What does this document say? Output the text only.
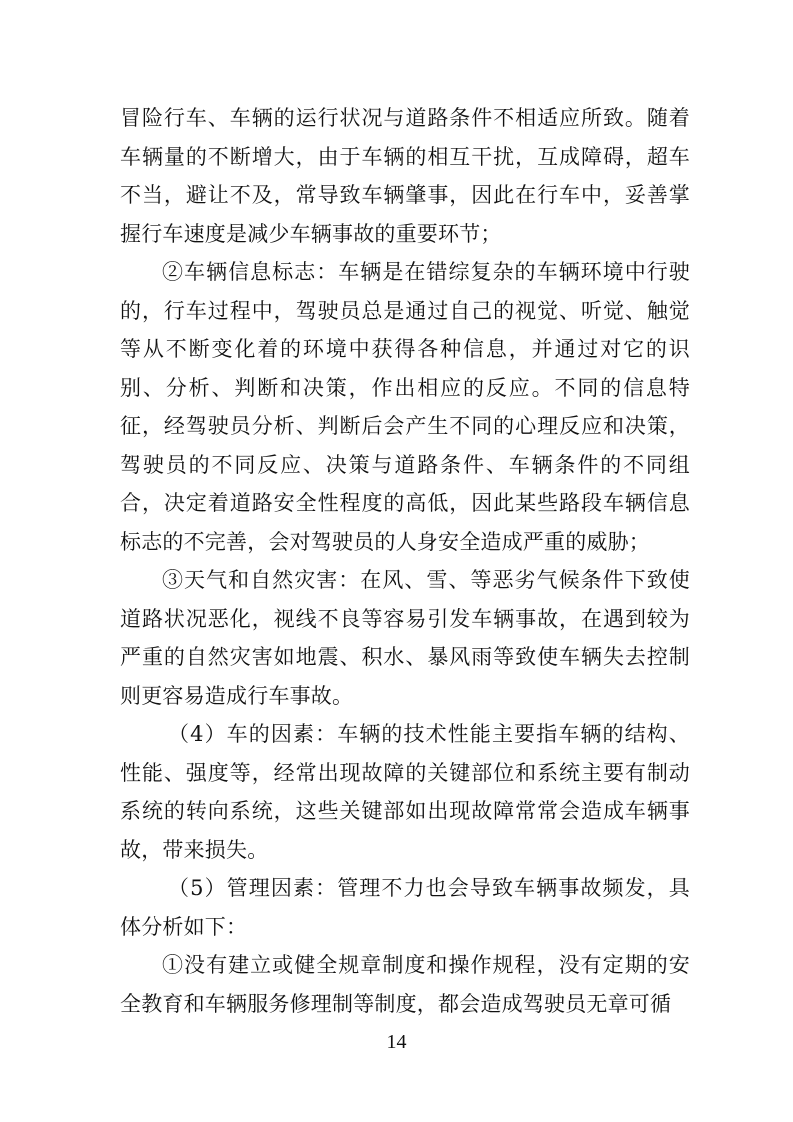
冒险行车、车辆的运行状况与道路条件不相适应所致。随着车辆量的不断增大，由于车辆的相互干扰，互成障碍，超车不当，避让不及，常导致车辆肇事，因此在行车中，妥善掌握行车速度是减少车辆事故的重要环节；

②车辆信息标志：车辆是在错综复杂的车辆环境中行驶的，行车过程中，驾驶员总是通过自己的视觉、听觉、触觉等从不断变化着的环境中获得各种信息，并通过对它的识别、分析、判断和决策，作出相应的反应。不同的信息特征，经驾驶员分析、判断后会产生不同的心理反应和决策，驾驶员的不同反应、决策与道路条件、车辆条件的不同组合，决定着道路安全性程度的高低，因此某些路段车辆信息标志的不完善，会对驾驶员的人身安全造成严重的威胁；

③天气和自然灾害：在风、雪、等恶劣气候条件下致使道路状况恶化，视线不良等容易引发车辆事故，在遇到较为严重的自然灾害如地震、积水、暴风雨等致使车辆失去控制则更容易造成行车事故。

（4）车的因素：车辆的技术性能主要指车辆的结构、性能、强度等，经常出现故障的关键部位和系统主要有制动系统的转向系统，这些关键部如出现故障常常会造成车辆事故，带来损失。

（5）管理因素：管理不力也会导致车辆事故频发，具体分析如下：

①没有建立或健全规章制度和操作规程，没有定期的安全教育和车辆服务修理制等制度，都会造成驾驶员无章可循

14
